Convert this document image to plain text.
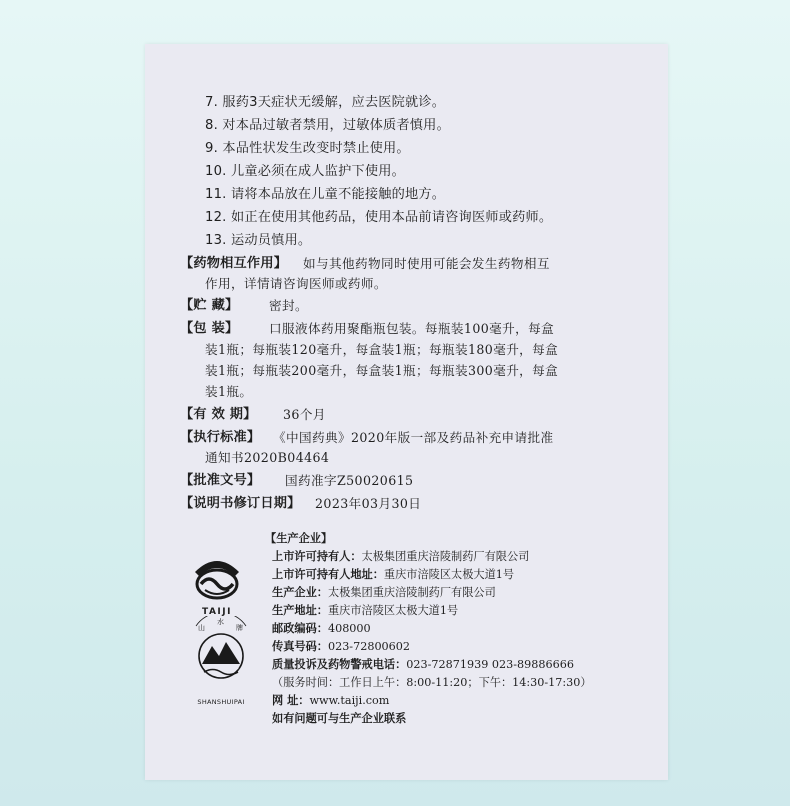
7. 服药3天症状无缓解，应去医院就诊。
8. 对本品过敏者禁用，过敏体质者慎用。
9. 本品性状发生改变时禁止使用。
10. 儿童必须在成人监护下使用。
11. 请将本品放在儿童不能接触的地方。
12. 如正在使用其他药品，使用本品前请咨询医师或药师。
13. 运动员慎用。
【药物相互作用】 如与其他药物同时使用可能会发生药物相互
作用，详情请咨询医师或药师。
【贮 藏】 密封。
【包 装】 口服液体药用聚酯瓶包装。每瓶装100毫升，每盒
装1瓶；每瓶装120毫升，每盒装1瓶；每瓶装180毫升，每盒
装1瓶；每瓶装200毫升，每盒装1瓶；每瓶装300毫升，每盒
装1瓶。
【有 效 期】 36个月
【执行标准】 《中国药典》2020年版一部及药品补充申请批准
通知书2020B04464
【批准文号】 国药准字Z50020615
【说明书修订日期】 2023年03月30日
TAIJI
山
水
牌
SHANSHUIPAI
【生产企业】
上市许可持有人：太极集团重庆涪陵制药厂有限公司
上市许可持有人地址：重庆市涪陵区太极大道1号
生产企业：太极集团重庆涪陵制药厂有限公司
生产地址：重庆市涪陵区太极大道1号
邮政编码：408000
传真号码：023-72800602
质量投诉及药物警戒电话：023-72871939 023-89886666
（服务时间：工作日上午：8:00-11:20；下午：14:30-17:30）
网 址：www.taiji.com
如有问题可与生产企业联系
